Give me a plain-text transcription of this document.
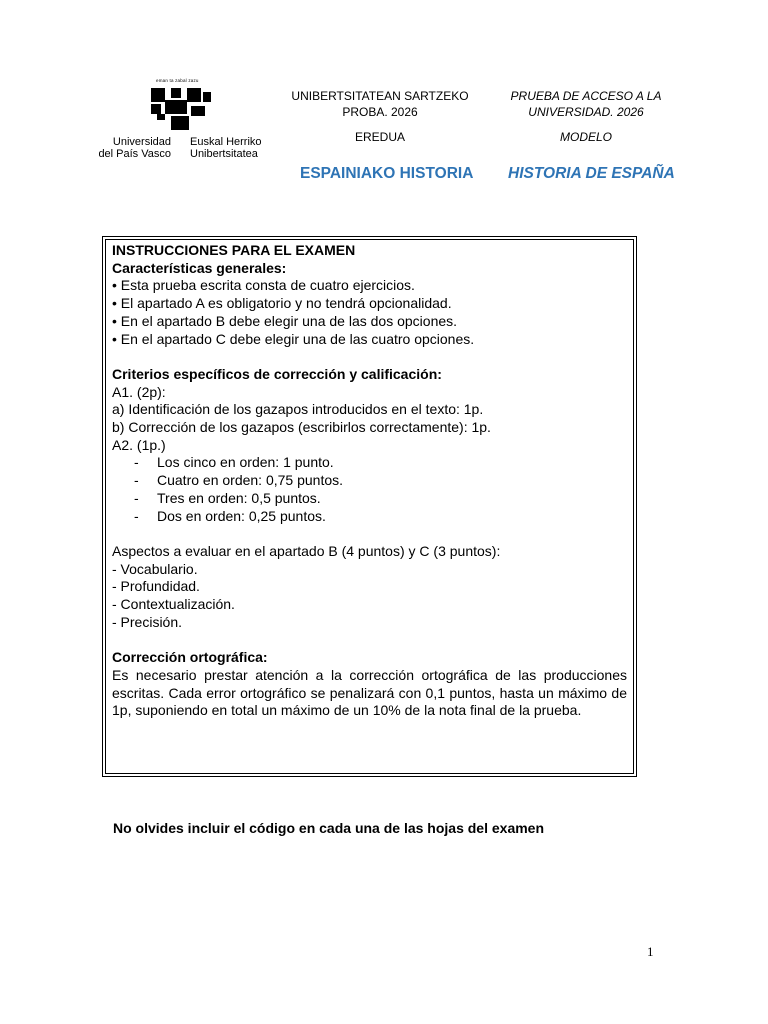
eman ta zabal zazu
Universidad
del País Vasco
Euskal Herriko
Unibertsitatea
UNIBERTSITATEAN SARTZEKO
PROBA. 2026
EREDUA
PRUEBA DE ACCESO A LA
UNIVERSIDAD. 2026
MODELO
ESPAINIAKO HISTORIA HISTORIA DE ESPAÑA
INSTRUCCIONES PARA EL EXAMEN
Características generales:
• Esta prueba escrita consta de cuatro ejercicios.
• El apartado A es obligatorio y no tendrá opcionalidad.
• En el apartado B debe elegir una de las dos opciones.
• En el apartado C debe elegir una de las cuatro opciones.
Criterios específicos de corrección y calificación:
A1. (2p):
a) Identificación de los gazapos introducidos en el texto: 1p.
b) Corrección de los gazapos (escribirlos correctamente): 1p.
A2. (1p.)
-	Los cinco en orden: 1 punto.
-	Cuatro en orden: 0,75 puntos.
-	Tres en orden: 0,5 puntos.
-	Dos en orden: 0,25 puntos.
Aspectos a evaluar en el apartado B (4 puntos) y C (3 puntos):
- Vocabulario.
- Profundidad.
- Contextualización.
- Precisión.
Corrección ortográfica:
Es necesario prestar atención a la corrección ortográfica de las producciones escritas. Cada error ortográfico se penalizará con 0,1 puntos, hasta un máximo de 1p, suponiendo en total un máximo de un 10% de la nota final de la prueba.
No olvides incluir el código en cada una de las hojas del examen
1
